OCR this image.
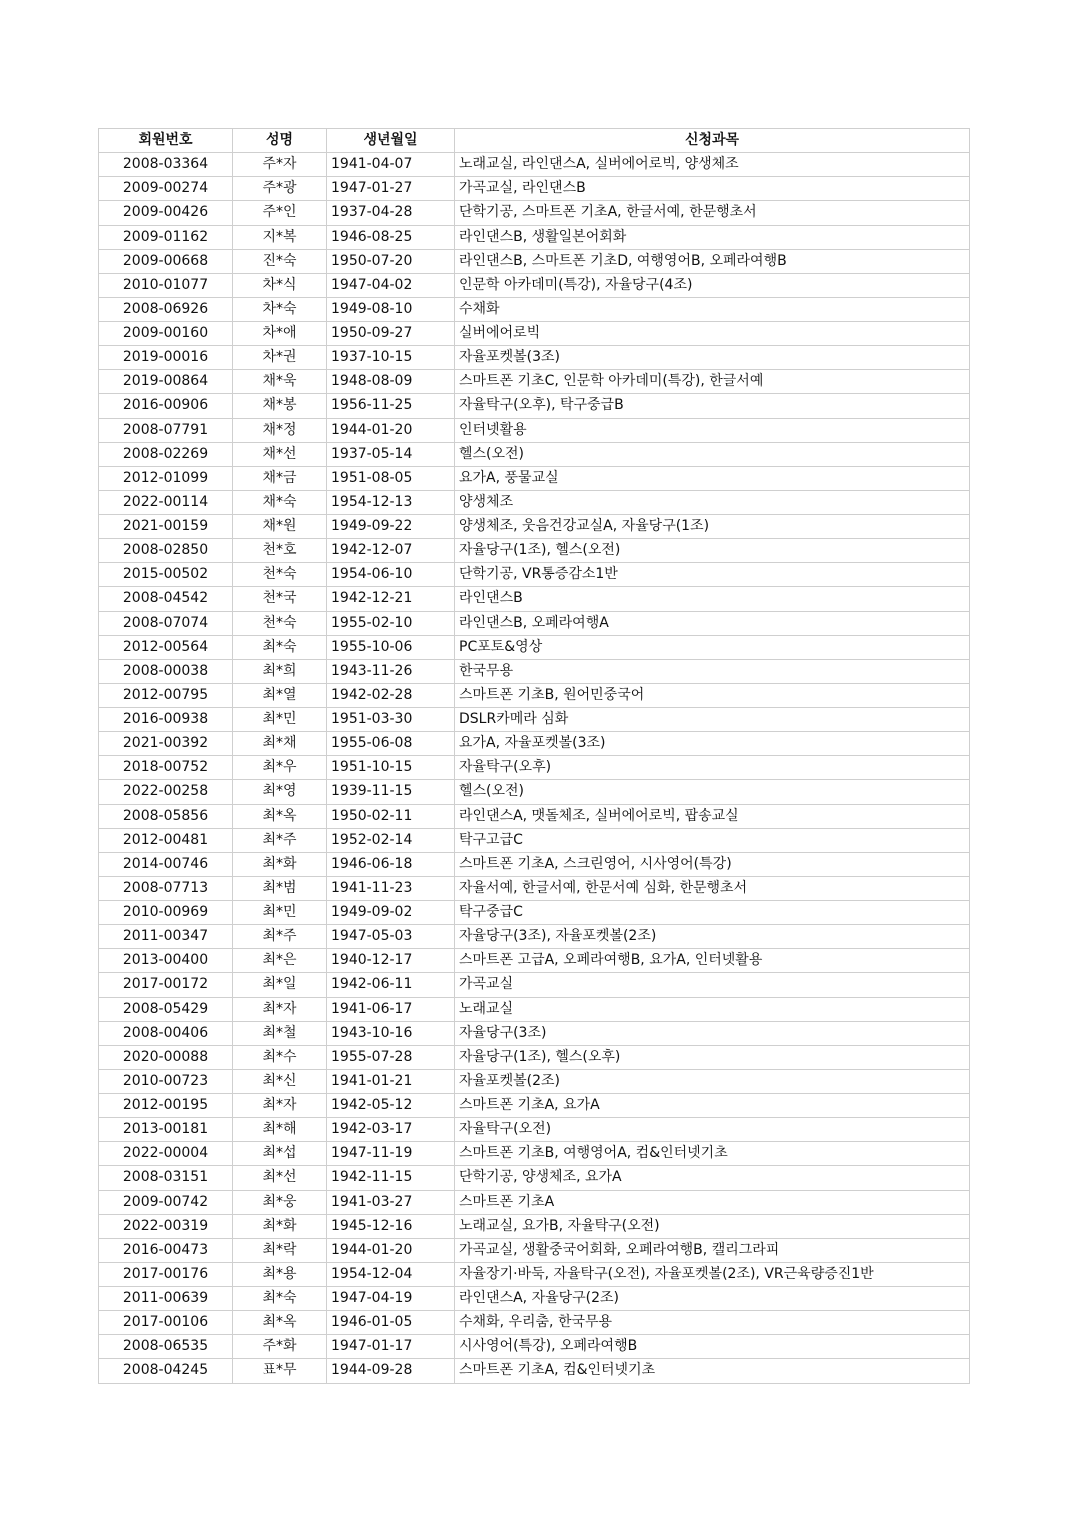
회원번호	성명	생년월일	신청과목
2008-03364	주*자	1941-04-07	노래교실, 라인댄스A, 실버에어로빅, 양생체조
2009-00274	주*광	1947-01-27	가곡교실, 라인댄스B
2009-00426	주*인	1937-04-28	단학기공, 스마트폰 기초A, 한글서예, 한문행초서
2009-01162	지*복	1946-08-25	라인댄스B, 생활일본어회화
2009-00668	진*숙	1950-07-20	라인댄스B, 스마트폰 기초D, 여행영어B, 오페라여행B
2010-01077	차*식	1947-04-02	인문학 아카데미(특강), 자율당구(4조)
2008-06926	차*숙	1949-08-10	수채화
2009-00160	차*애	1950-09-27	실버에어로빅
2019-00016	차*권	1937-10-15	자율포켓볼(3조)
2019-00864	채*욱	1948-08-09	스마트폰 기초C, 인문학 아카데미(특강), 한글서예
2016-00906	채*봉	1956-11-25	자율탁구(오후), 탁구중급B
2008-07791	채*정	1944-01-20	인터넷활용
2008-02269	채*선	1937-05-14	헬스(오전)
2012-01099	채*금	1951-08-05	요가A, 풍물교실
2022-00114	채*숙	1954-12-13	양생체조
2021-00159	채*원	1949-09-22	양생체조, 웃음건강교실A, 자율당구(1조)
2008-02850	천*호	1942-12-07	자율당구(1조), 헬스(오전)
2015-00502	천*숙	1954-06-10	단학기공, VR통증감소1반
2008-04542	천*국	1942-12-21	라인댄스B
2008-07074	천*숙	1955-02-10	라인댄스B, 오페라여행A
2012-00564	최*숙	1955-10-06	PC포토&영상
2008-00038	최*희	1943-11-26	한국무용
2012-00795	최*열	1942-02-28	스마트폰 기초B, 원어민중국어
2016-00938	최*민	1951-03-30	DSLR카메라 심화
2021-00392	최*채	1955-06-08	요가A, 자율포켓볼(3조)
2018-00752	최*우	1951-10-15	자율탁구(오후)
2022-00258	최*영	1939-11-15	헬스(오전)
2008-05856	최*옥	1950-02-11	라인댄스A, 맷돌체조, 실버에어로빅, 팝송교실
2012-00481	최*주	1952-02-14	탁구고급C
2014-00746	최*화	1946-06-18	스마트폰 기초A, 스크린영어, 시사영어(특강)
2008-07713	최*범	1941-11-23	자율서예, 한글서예, 한문서예 심화, 한문행초서
2010-00969	최*민	1949-09-02	탁구중급C
2011-00347	최*주	1947-05-03	자율당구(3조), 자율포켓볼(2조)
2013-00400	최*은	1940-12-17	스마트폰 고급A, 오페라여행B, 요가A, 인터넷활용
2017-00172	최*일	1942-06-11	가곡교실
2008-05429	최*자	1941-06-17	노래교실
2008-00406	최*철	1943-10-16	자율당구(3조)
2020-00088	최*수	1955-07-28	자율당구(1조), 헬스(오후)
2010-00723	최*신	1941-01-21	자율포켓볼(2조)
2012-00195	최*자	1942-05-12	스마트폰 기초A, 요가A
2013-00181	최*해	1942-03-17	자율탁구(오전)
2022-00004	최*섭	1947-11-19	스마트폰 기초B, 여행영어A, 컴&인터넷기초
2008-03151	최*선	1942-11-15	단학기공, 양생체조, 요가A
2009-00742	최*웅	1941-03-27	스마트폰 기초A
2022-00319	최*화	1945-12-16	노래교실, 요가B, 자율탁구(오전)
2016-00473	최*락	1944-01-20	가곡교실, 생활중국어회화, 오페라여행B, 캘리그라피
2017-00176	최*용	1954-12-04	자율장기·바둑, 자율탁구(오전), 자율포켓볼(2조), VR근육량증진1반
2011-00639	최*숙	1947-04-19	라인댄스A, 자율당구(2조)
2017-00106	최*옥	1946-01-05	수채화, 우리춤, 한국무용
2008-06535	주*화	1947-01-17	시사영어(특강), 오페라여행B
2008-04245	표*무	1944-09-28	스마트폰 기초A, 컴&인터넷기초
